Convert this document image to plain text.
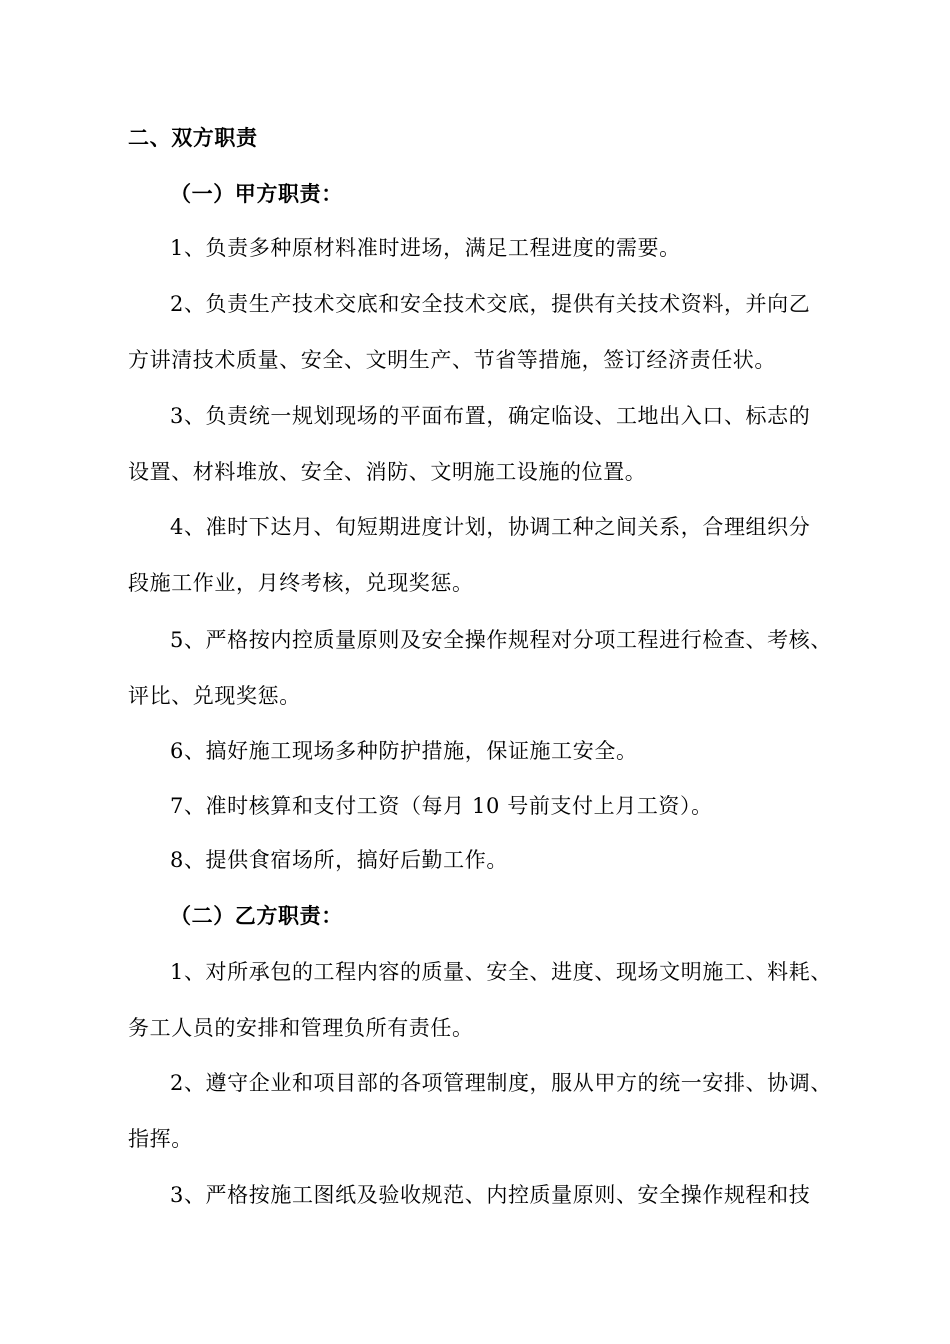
二、双方职责
（一）甲方职责：
1、负责多种原材料准时进场，满足工程进度的需要。
2、负责生产技术交底和安全技术交底，提供有关技术资料，并向乙
方讲清技术质量、安全、文明生产、节省等措施，签订经济责任状。
3、负责统一规划现场的平面布置，确定临设、工地出入口、标志的
设置、材料堆放、安全、消防、文明施工设施的位置。
4、准时下达月、旬短期进度计划，协调工种之间关系，合理组织分
段施工作业，月终考核，兑现奖惩。
5、严格按内控质量原则及安全操作规程对分项工程进行检查、考核、
评比、兑现奖惩。
6、搞好施工现场多种防护措施，保证施工安全。
7、准时核算和支付工资（每月 10 号前支付上月工资）。
8、提供食宿场所，搞好后勤工作。
（二）乙方职责：
1、对所承包的工程内容的质量、安全、进度、现场文明施工、料耗、
务工人员的安排和管理负所有责任。
2、遵守企业和项目部的各项管理制度，服从甲方的统一安排、协调、
指挥。
3、严格按施工图纸及验收规范、内控质量原则、安全操作规程和技
